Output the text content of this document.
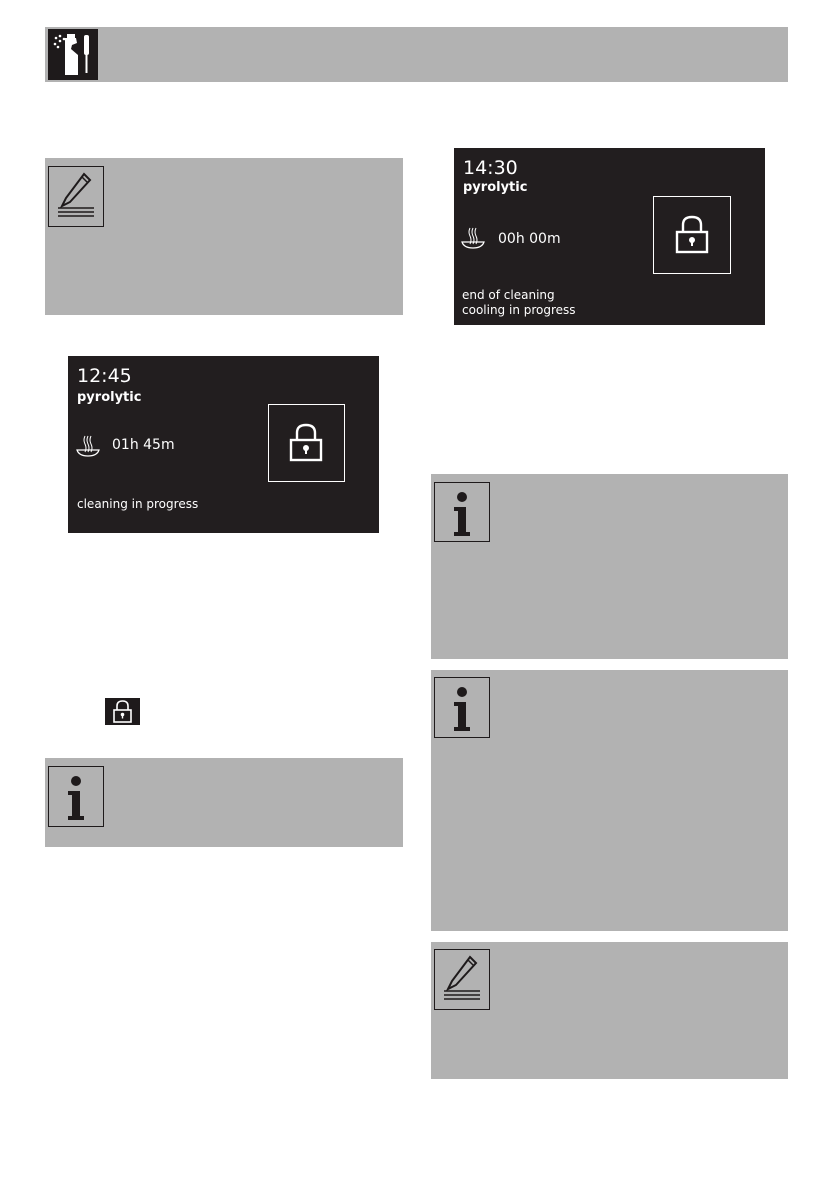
12:45
pyrolytic
01h 45m
cleaning in progress
14:30
pyrolytic
00h 00m
end of cleaning
cooling in progress
